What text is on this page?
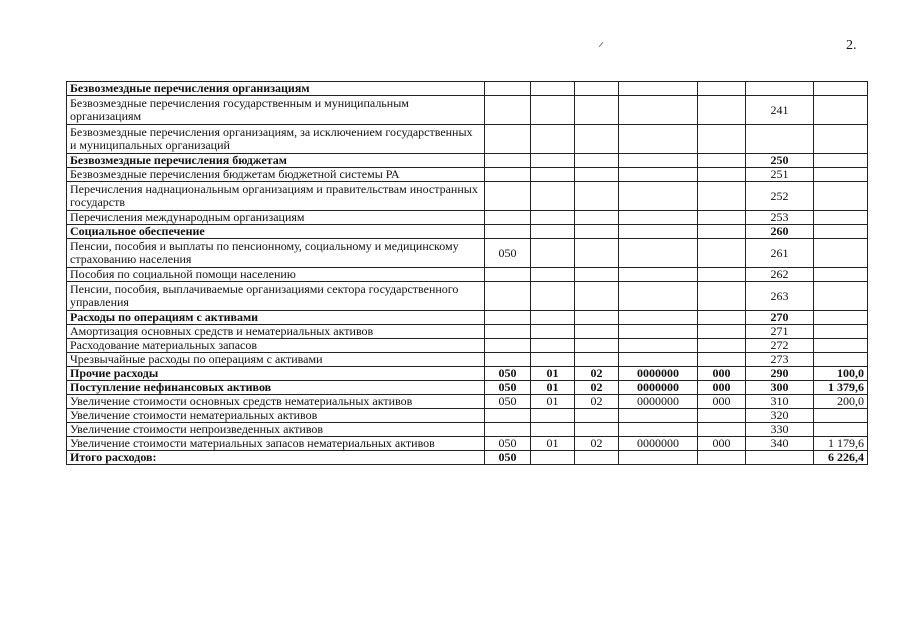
2.
Безвозмездные перечисления организациям							
Безвозмездные перечисления государственным и муниципальным организациям						241	
Безвозмездные перечисления организациям, за исключением государственных и муниципальных организаций							
Безвозмездные перечисления бюджетам						250	
Безвозмездные перечисления бюджетам бюджетной системы РА						251	
Перечисления наднациональным организациям и правительствам иностранных государств						252	
Перечисления международным организациям						253	
Социальное обеспечение						260	
Пенсии, пособия и выплаты по пенсионному, социальному и медицинскому страхованию населения	050					261	
Пособия по социальной помощи населению						262	
Пенсии, пособия, выплачиваемые организациями сектора государственного управления						263	
Расходы по операциям с активами						270	
Амортизация основных средств и нематериальных активов						271	
Расходование материальных запасов						272	
Чрезвычайные расходы по операциям с активами						273	
Прочие расходы	050	01	02	0000000	000	290	100,0
Поступление нефинансовых активов	050	01	02	0000000	000	300	1 379,6
Увеличение стоимости основных средств нематериальных активов	050	01	02	0000000	000	310	200,0
Увеличение стоимости нематериальных активов						320	
Увеличение стоимости непроизведенных активов						330	
Увеличение стоимости материальных запасов нематериальных активов	050	01	02	0000000	000	340	1 179,6
Итого расходов:	050						6 226,4
